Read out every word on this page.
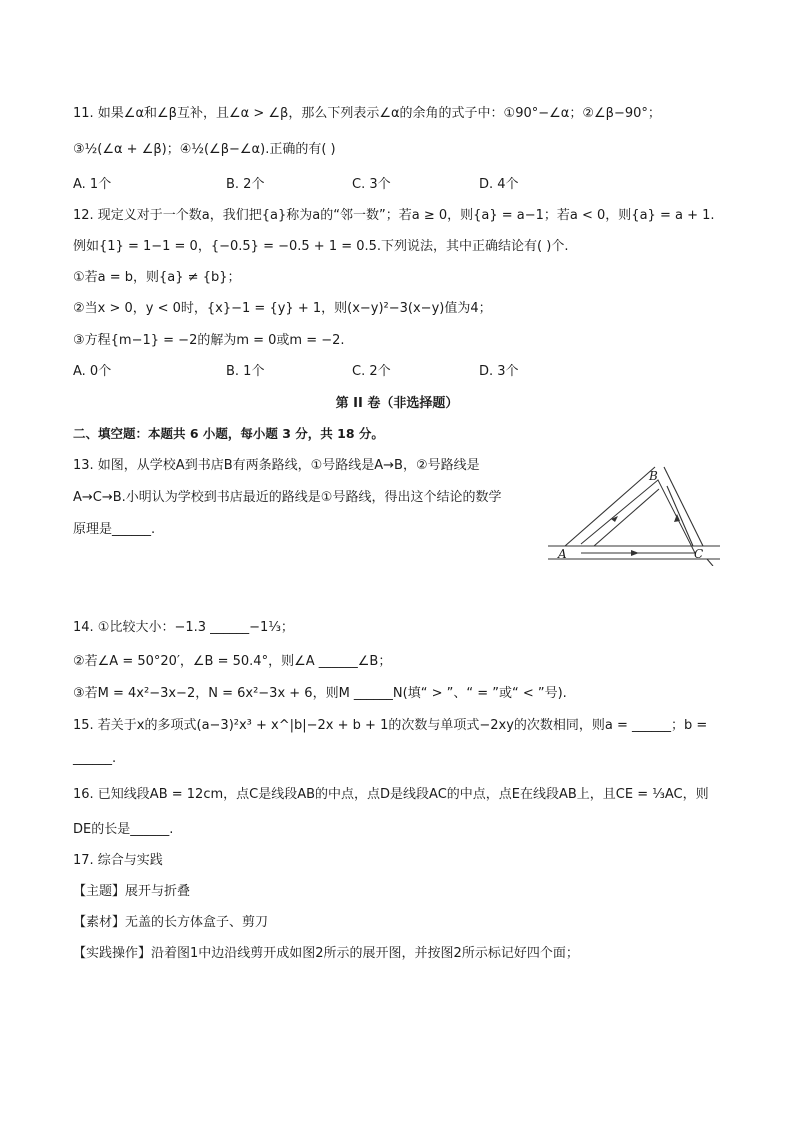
11. 如果∠α和∠β互补，且∠α > ∠β，那么下列表示∠α的余角的式子中：①90°−∠α；②∠β−90°；
③½(∠α + ∠β)；④½(∠β−∠α).正确的有( )
A. 1个	B. 2个	C. 3个	D. 4个
12. 现定义对于一个数a，我们把{a}称为a的“邻一数”；若a ≥ 0，则{a} = a−1；若a < 0，则{a} = a + 1.
例如{1} = 1−1 = 0，{−0.5} = −0.5 + 1 = 0.5.下列说法，其中正确结论有( )个.
①若a = b，则{a} ≠ {b}；
②当x > 0，y < 0时，{x}−1 = {y} + 1，则(x−y)²−3(x−y)值为4；
③方程{m−1} = −2的解为m = 0或m = −2.
A. 0个	B. 1个	C. 2个	D. 3个
第 II 卷（非选择题）
二、填空题：本题共 6 小题，每小题 3 分，共 18 分。
13. 如图，从学校A到书店B有两条路线，①号路线是A→B，②号路线是
A→C→B.小明认为学校到书店最近的路线是①号路线，得出这个结论的数学
原理是______.
A
B
C
14. ①比较大小：−1.3 ______−1⅓；
②若∠A = 50°20′，∠B = 50.4°，则∠A ______∠B；
③若M = 4x²−3x−2，N = 6x²−3x + 6，则M ______N(填“ > ”、“ = ”或“ < ”号).
15. 若关于x的多项式(a−3)²x³ + x^|b|−2x + b + 1的次数与单项式−2xy的次数相同，则a = ______；b =
______.
16. 已知线段AB = 12cm，点C是线段AB的中点，点D是线段AC的中点，点E在线段AB上，且CE = ⅓AC，则
DE的长是______.
17. 综合与实践
【主题】展开与折叠
【素材】无盖的长方体盒子、剪刀
【实践操作】沿着图1中边沿线剪开成如图2所示的展开图，并按图2所示标记好四个面；
